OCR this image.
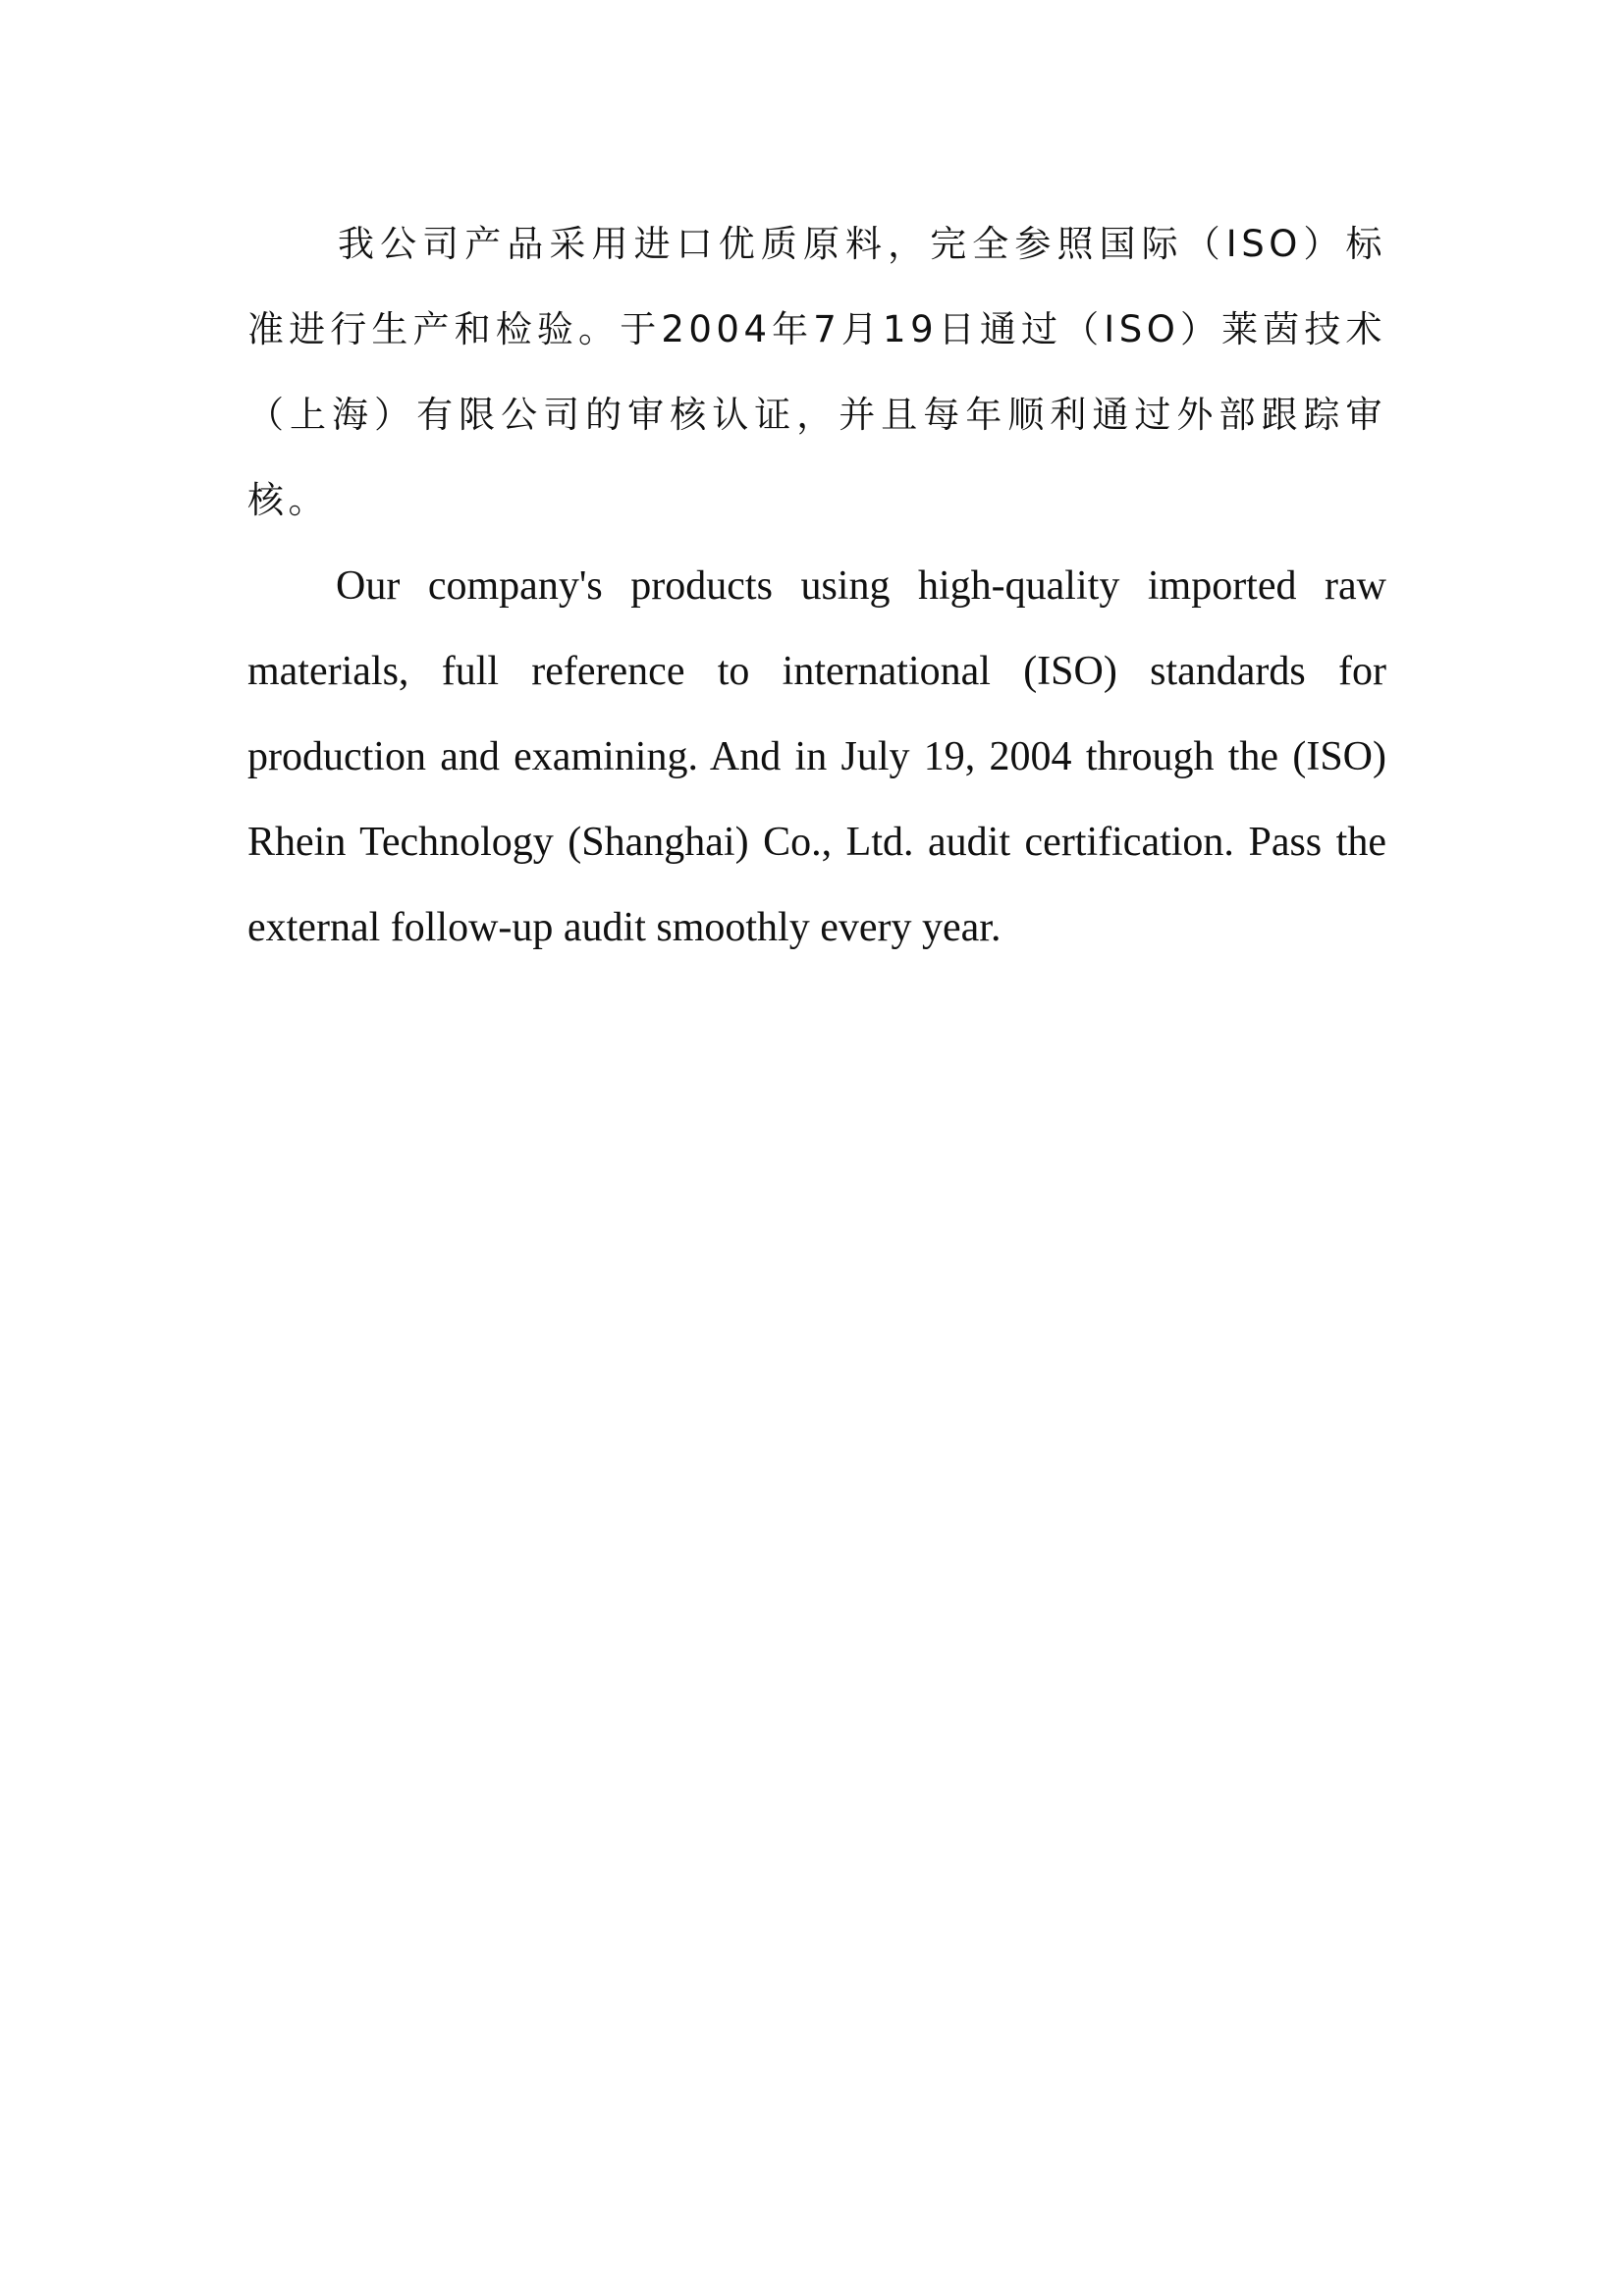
我公司产品采用进口优质原料，完全参照国际（ISO）标准进行生产和检验。于2004年7月19日通过（ISO）莱茵技术（上海）有限公司的审核认证，并且每年顺利通过外部跟踪审核。

Our company's products using high-quality imported raw materials, full reference to international (ISO) standards for production and examining. And in July 19, 2004 through the (ISO) Rhein Technology (Shanghai) Co., Ltd. audit certification. Pass the external follow-up audit smoothly every year.
